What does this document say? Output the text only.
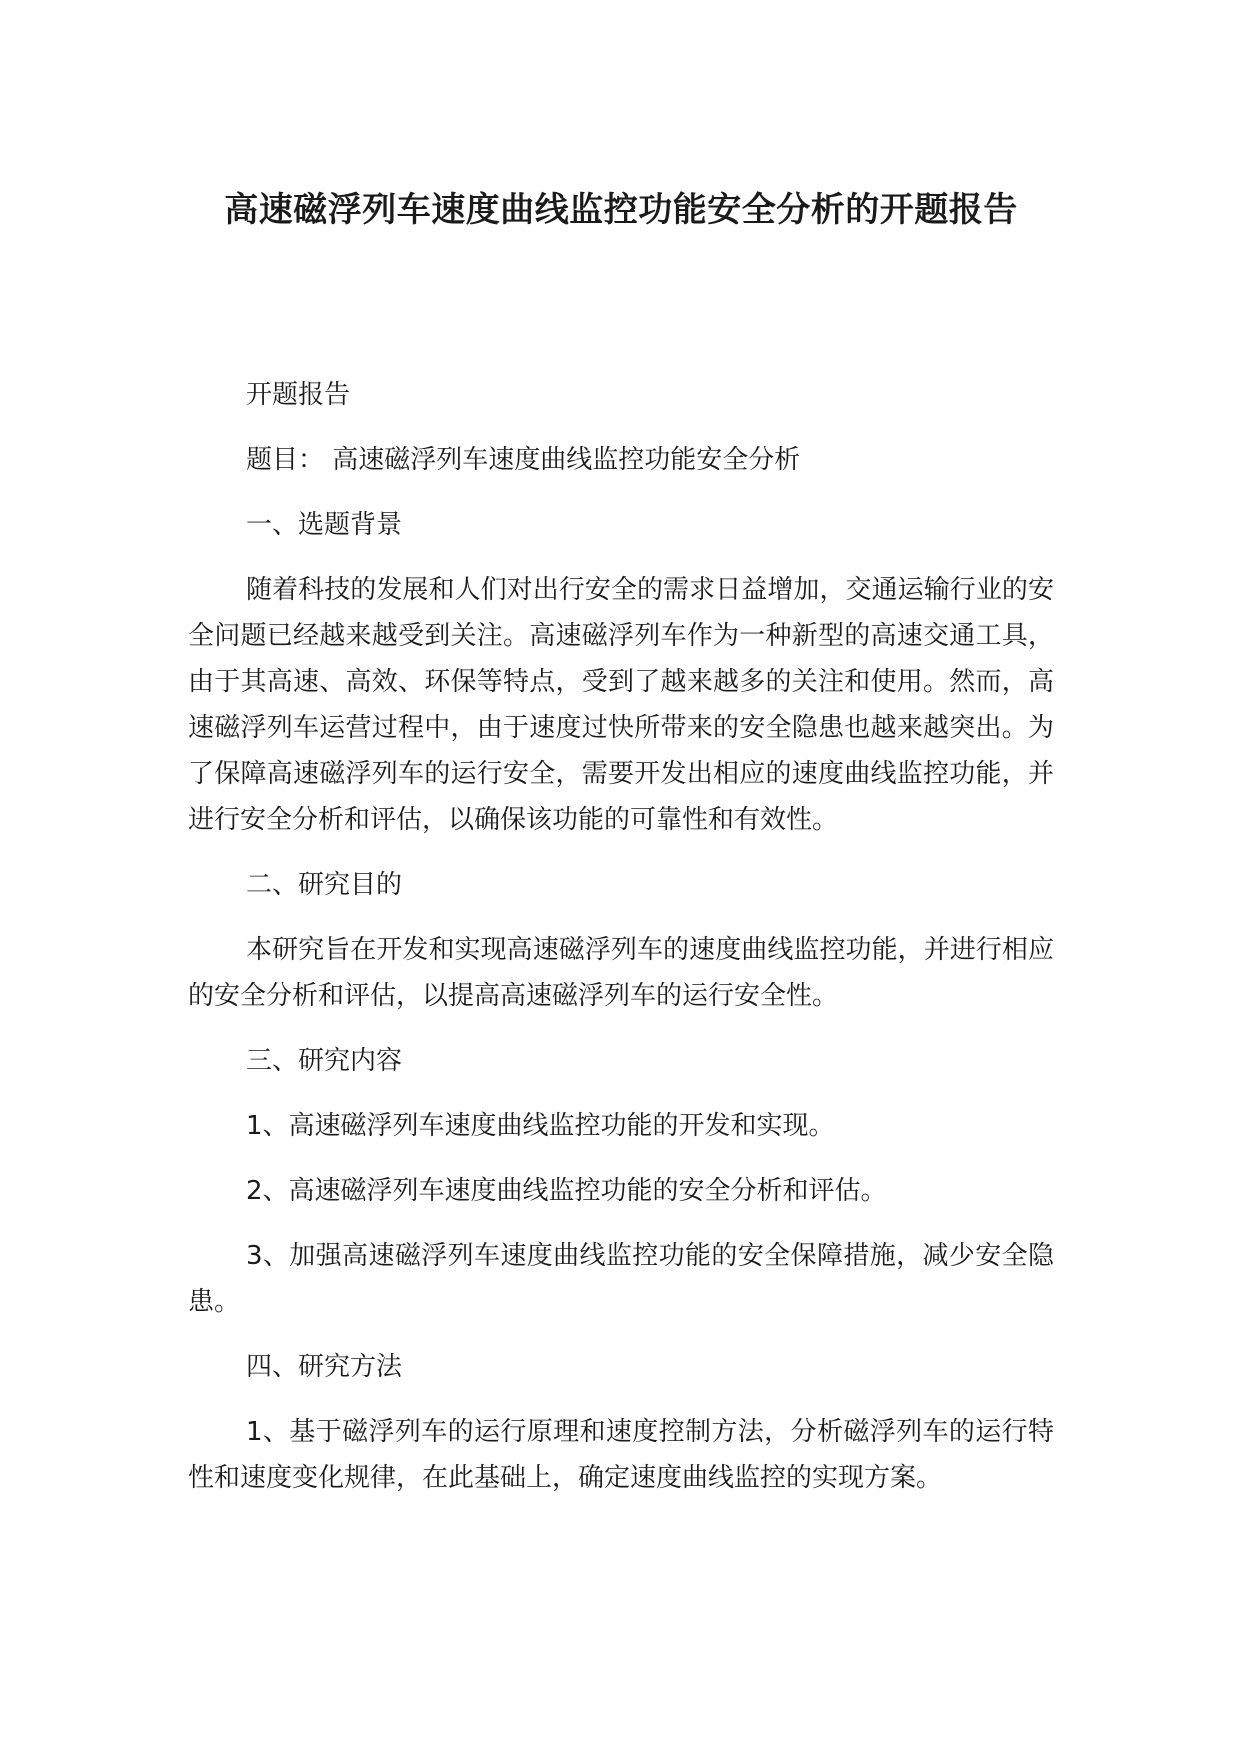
高速磁浮列车速度曲线监控功能安全分析的开题报告

开题报告

题目： 高速磁浮列车速度曲线监控功能安全分析

一、选题背景

随着科技的发展和人们对出行安全的需求日益增加，交通运输行业的安全问题已经越来越受到关注。高速磁浮列车作为一种新型的高速交通工具，由于其高速、高效、环保等特点，受到了越来越多的关注和使用。然而，高速磁浮列车运营过程中，由于速度过快所带来的安全隐患也越来越突出。为了保障高速磁浮列车的运行安全，需要开发出相应的速度曲线监控功能，并进行安全分析和评估，以确保该功能的可靠性和有效性。

二、研究目的

本研究旨在开发和实现高速磁浮列车的速度曲线监控功能，并进行相应的安全分析和评估，以提高高速磁浮列车的运行安全性。

三、研究内容

1、高速磁浮列车速度曲线监控功能的开发和实现。

2、高速磁浮列车速度曲线监控功能的安全分析和评估。

3、加强高速磁浮列车速度曲线监控功能的安全保障措施，减少安全隐患。

四、研究方法

1、基于磁浮列车的运行原理和速度控制方法，分析磁浮列车的运行特性和速度变化规律，在此基础上，确定速度曲线监控的实现方案。
